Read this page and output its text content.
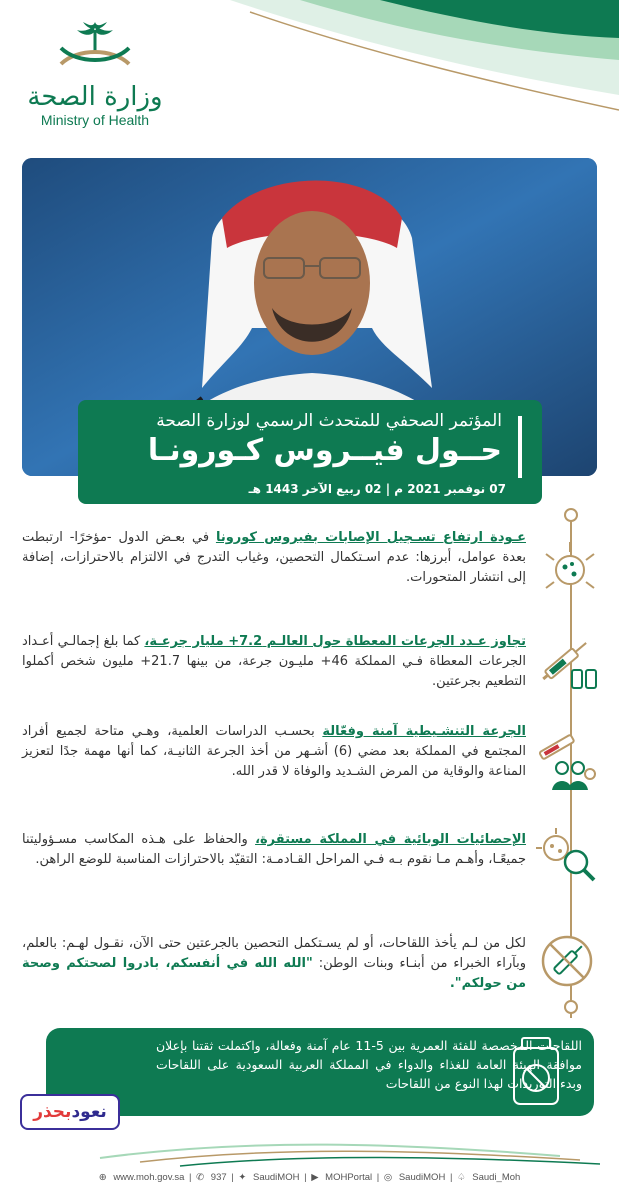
وزارة الصحة
Ministry of Health
المؤتمر الصحفي للمتحدث الرسمي لوزارة الصحة
حــول فيــروس كـورونـا
07 نوفمبر 2021 م | 02 ربيع الآخر 1443 هـ
عـودة ارتفاع تسـجيل الإصابات بفيروس كورونا في بعـض الدول -مؤخرًا- ارتبطت بعدة عوامل، أبرزها: عدم اسـتكمال التحصين، وغياب التدرج في الالتزام بالاحترازات، إضافة إلى انتشار المتحورات.
تجاوز عـدد الجرعات المعطاة حول العالـم 7.2+ مليار جرعـة، كما بلغ إجمالـي أعـداد الجرعات المعطاة فـي المملكة 46+ مليـون جرعة، من بينها 21.7+ مليون شخص أكملوا التطعيم بجرعتين.
الجرعة التنشـيطية آمنة وفعّالة بحسـب الدراسات العلمية، وهـي متاحة لجميع أفراد المجتمع في المملكة بعد مضي (6) أشـهر من أخذ الجرعة الثانيـة، كما أنها مهمة جدًا لتعزيز المناعة والوقاية من المرض الشـديد والوفاة لا قدر الله.
الإحصائيات الوبائية في المملكة مستقرة، والحفاظ على هـذه المكاسب مسـؤوليتنا جميعًـا، وأهـم مـا نقوم بـه فـي المراحل القـادمـة: التقيّد بالاحترازات المناسبة للوضع الراهن.
لكل من لـم يأخذ اللقاحات، أو لم يسـتكمل التحصين بالجرعتين حتى الآن، نقـول لهـم: بالعلم، وبآراء الخبراء من أبنـاء وبنات الوطن: "الله الله في أنفسكم، بادروا لصحتكم وصحة من حولكم".
اللقاحات المخصصة للفئة العمرية بين 5-11 عام آمنة وفعالة، واكتملت ثقتنا بإعلان موافقة الهيئة العامة للغذاء والدواء في المملكة العربية السعودية على اللقاحات وبدء التوريدات لهذا النوع من اللقاحات
نعودبحذر
⊕ www.moh.gov.sa | ✆ 937 | ✦ SaudiMOH | ▶ MOHPortal | ◎ SaudiMOH | ♤ Saudi_Moh
